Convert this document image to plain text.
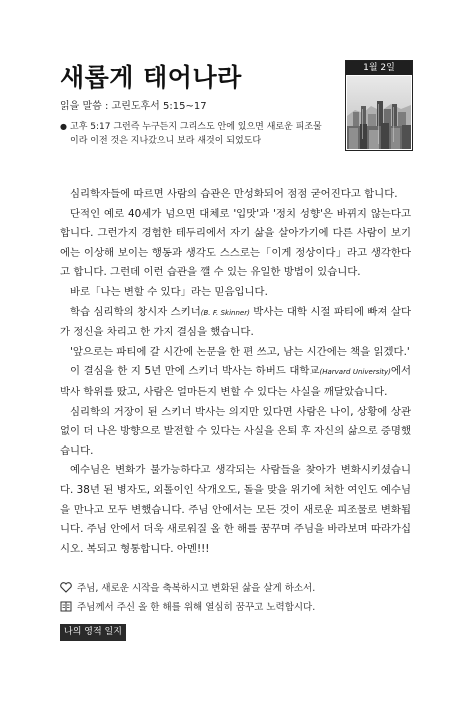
새롭게 태어나라
읽을 말씀 : 고린도후서 5:15~17
● 고후 5:17 그런즉 누구든지 그리스도 안에 있으면 새로운 피조물
이라 이전 것은 지나갔으니 보라 새것이 되었도다
1월 2일

심리학자들에 따르면 사람의 습관은 만성화되어 점점 굳어진다고 합니다.

단적인 예로 40세가 넘으면 대체로 '입맛'과 '정치 성향'은 바뀌지 않는다고 합니다. 그런가지 경험한 테두리에서 자기 삶을 살아가기에 다른 사람이 보기에는 이상해 보이는 행동과 생각도 스스로는「이게 정상이다」라고 생각한다고 합니다. 그런데 이런 습관을 깰 수 있는 유일한 방법이 있습니다.

바로「나는 변할 수 있다」라는 믿음입니다.

학습 심리학의 창시자 스키너(B. F. Skinner) 박사는 대학 시절 파티에 빠져 살다가 정신을 차리고 한 가지 결심을 했습니다.

'앞으로는 파티에 갈 시간에 논문을 한 편 쓰고, 남는 시간에는 책을 읽겠다.'

이 결심을 한 지 5년 만에 스키너 박사는 하버드 대학교(Harvard University)에서 박사 학위를 땄고, 사람은 얼마든지 변할 수 있다는 사실을 깨달았습니다.

심리학의 거장이 된 스키너 박사는 의지만 있다면 사람은 나이, 상황에 상관없이 더 나은 방향으로 발전할 수 있다는 사실을 은퇴 후 자신의 삶으로 증명했습니다.

예수님은 변화가 불가능하다고 생각되는 사람들을 찾아가 변화시키셨습니다. 38년 된 병자도, 외톨이인 삭개오도, 돌을 맞을 위기에 처한 여인도 예수님을 만나고 모두 변했습니다. 주님 안에서는 모든 것이 새로운 피조물로 변화됩니다. 주님 안에서 더욱 새로워질 올 한 해를 꿈꾸며 주님을 바라보며 따라가십시오. 복되고 형통합니다. 아멘!!!

주님, 새로운 시작을 축복하시고 변화된 삶을 살게 하소서.
주님께서 주신 올 한 해를 위해 열심히 꿈꾸고 노력합시다.
나의 영적 일지
